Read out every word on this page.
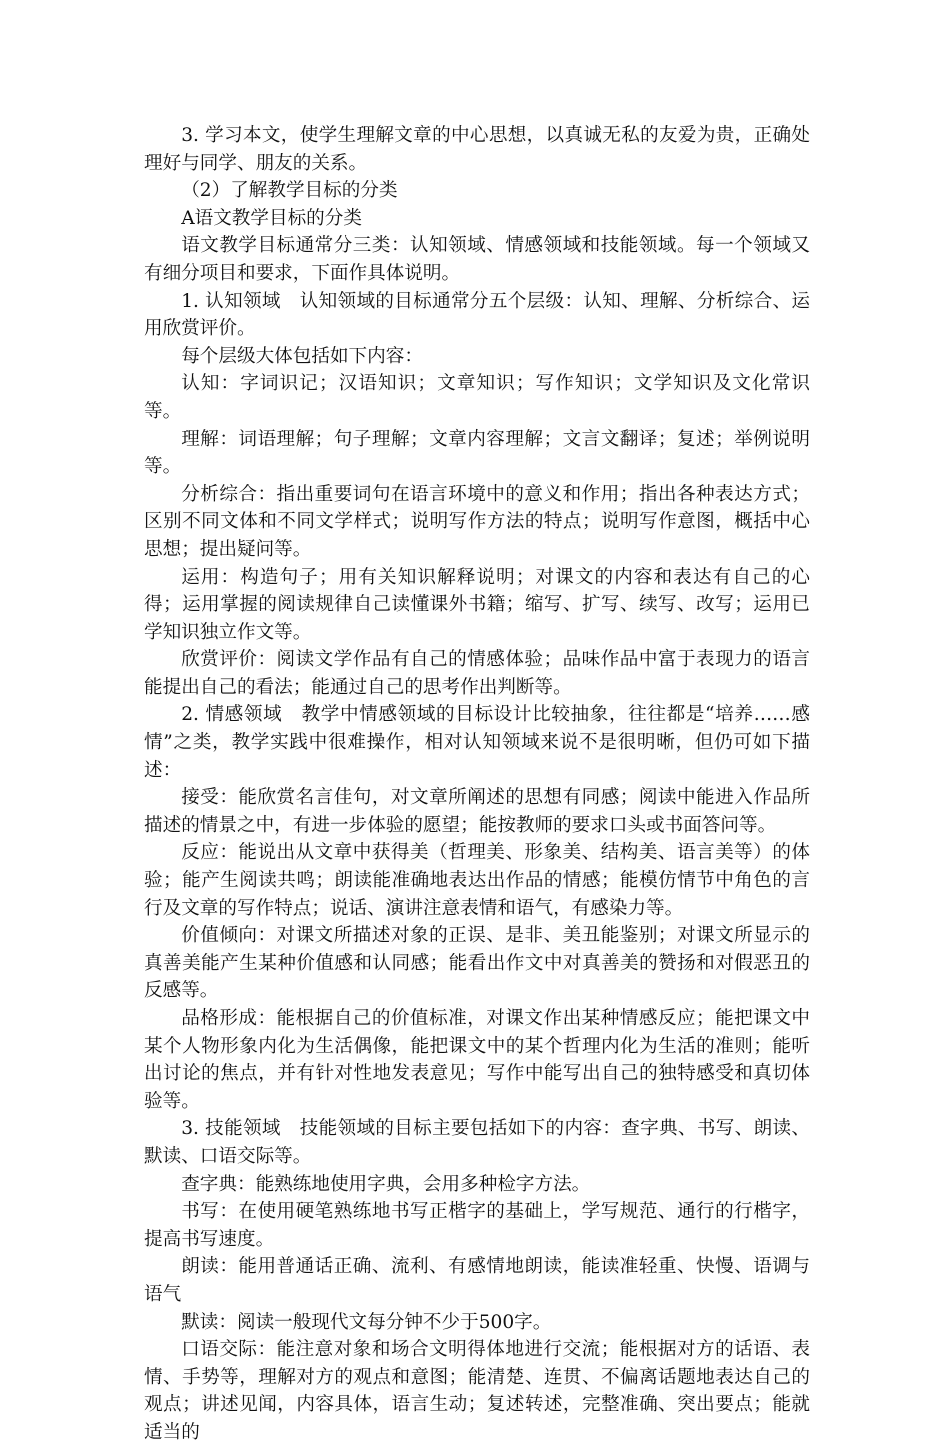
3. 学习本文，使学生理解文章的中心思想，以真诚无私的友爱为贵，正确处理好与同学、朋友的关系。

（2）了解教学目标的分类

A语文教学目标的分类

语文教学目标通常分三类：认知领域、情感领域和技能领域。每一个领域又有细分项目和要求，下面作具体说明。

1. 认知领域　认知领域的目标通常分五个层级：认知、理解、分析综合、运用欣赏评价。

每个层级大体包括如下内容：

认知：字词识记；汉语知识；文章知识；写作知识；文学知识及文化常识等。

理解：词语理解；句子理解；文章内容理解；文言文翻译；复述；举例说明等。

分析综合：指出重要词句在语言环境中的意义和作用；指出各种表达方式；区别不同文体和不同文学样式；说明写作方法的特点；说明写作意图，概括中心思想；提出疑问等。

运用：构造句子；用有关知识解释说明；对课文的内容和表达有自己的心得；运用掌握的阅读规律自己读懂课外书籍；缩写、扩写、续写、改写；运用已学知识独立作文等。

欣赏评价：阅读文学作品有自己的情感体验；品味作品中富于表现力的语言能提出自己的看法；能通过自己的思考作出判断等。

2. 情感领域　教学中情感领域的目标设计比较抽象，往往都是“培养……感情”之类，教学实践中很难操作，相对认知领域来说不是很明晰，但仍可如下描述：

接受：能欣赏名言佳句，对文章所阐述的思想有同感；阅读中能进入作品所描述的情景之中，有进一步体验的愿望；能按教师的要求口头或书面答问等。

反应：能说出从文章中获得美（哲理美、形象美、结构美、语言美等）的体验；能产生阅读共鸣；朗读能准确地表达出作品的情感；能模仿情节中角色的言行及文章的写作特点；说话、演讲注意表情和语气，有感染力等。

价值倾向：对课文所描述对象的正误、是非、美丑能鉴别；对课文所显示的真善美能产生某种价值感和认同感；能看出作文中对真善美的赞扬和对假恶丑的反感等。

品格形成：能根据自己的价值标准，对课文作出某种情感反应；能把课文中某个人物形象内化为生活偶像，能把课文中的某个哲理内化为生活的准则；能听出讨论的焦点，并有针对性地发表意见；写作中能写出自己的独特感受和真切体验等。

3. 技能领域　技能领域的目标主要包括如下的内容：查字典、书写、朗读、默读、口语交际等。

查字典：能熟练地使用字典，会用多种检字方法。

书写：在使用硬笔熟练地书写正楷字的基础上，学写规范、通行的行楷字，提高书写速度。

朗读：能用普通话正确、流利、有感情地朗读，能读准轻重、快慢、语调与语气

默读：阅读一般现代文每分钟不少于500字。

口语交际：能注意对象和场合文明得体地进行交流；能根据对方的话语、表情、手势等，理解对方的观点和意图；能清楚、连贯、不偏离话题地表达自己的观点；讲述见闻，内容具体，语言生动；复述转述，完整准确、突出要点；能就适当的
